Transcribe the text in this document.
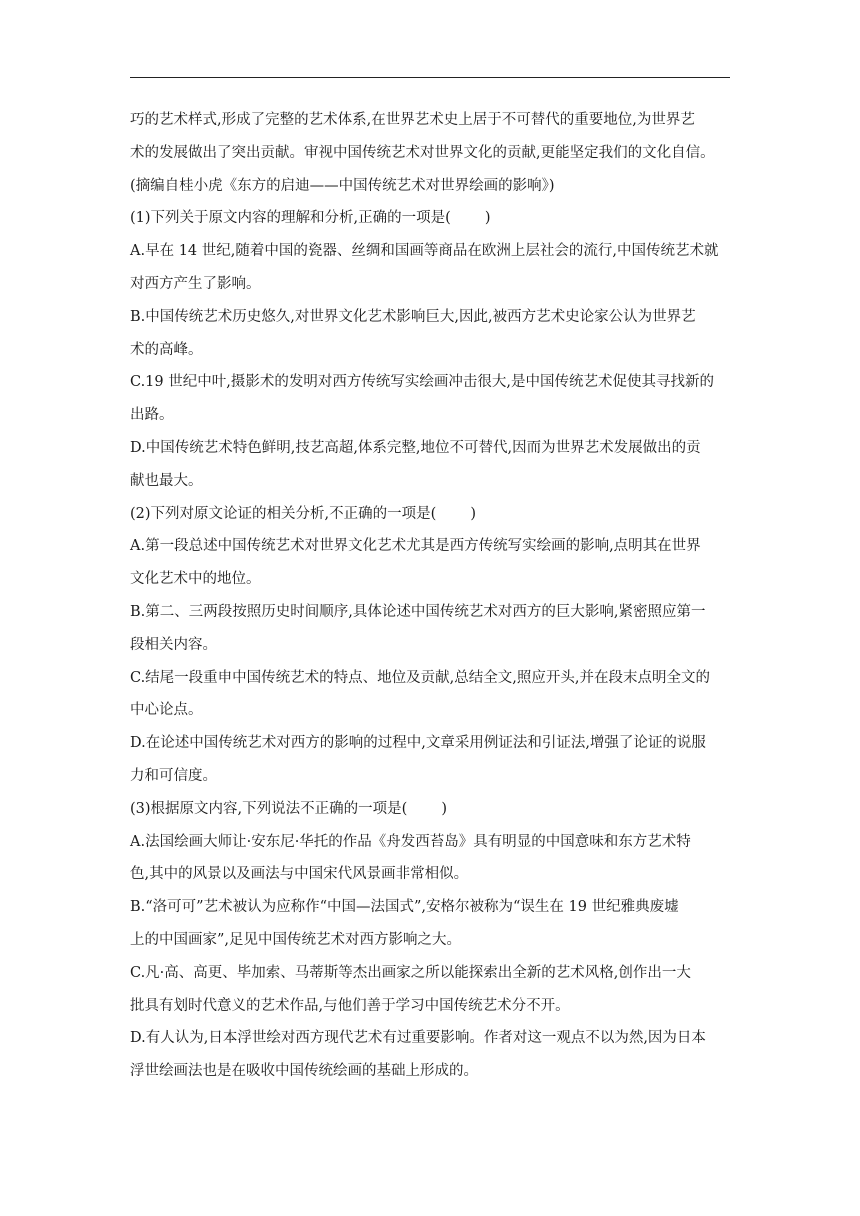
巧的艺术样式,形成了完整的艺术体系,在世界艺术史上居于不可替代的重要地位,为世界艺
术的发展做出了突出贡献。审视中国传统艺术对世界文化的贡献,更能坚定我们的文化自信。
(摘编自桂小虎《东方的启迪——中国传统艺术对世界绘画的影响》)
(1)下列关于原文内容的理解和分析,正确的一项是( )
A.早在 14 世纪,随着中国的瓷器、丝绸和国画等商品在欧洲上层社会的流行,中国传统艺术就
对西方产生了影响。
B.中国传统艺术历史悠久,对世界文化艺术影响巨大,因此,被西方艺术史论家公认为世界艺
术的高峰。
C.19 世纪中叶,摄影术的发明对西方传统写实绘画冲击很大,是中国传统艺术促使其寻找新的
出路。
D.中国传统艺术特色鲜明,技艺高超,体系完整,地位不可替代,因而为世界艺术发展做出的贡
献也最大。
(2)下列对原文论证的相关分析,不正确的一项是( )
A.第一段总述中国传统艺术对世界文化艺术尤其是西方传统写实绘画的影响,点明其在世界
文化艺术中的地位。
B.第二、三两段按照历史时间顺序,具体论述中国传统艺术对西方的巨大影响,紧密照应第一
段相关内容。
C.结尾一段重申中国传统艺术的特点、地位及贡献,总结全文,照应开头,并在段末点明全文的
中心论点。
D.在论述中国传统艺术对西方的影响的过程中,文章采用例证法和引证法,增强了论证的说服
力和可信度。
(3)根据原文内容,下列说法不正确的一项是( )
A.法国绘画大师让·安东尼·华托的作品《舟发西苔岛》具有明显的中国意味和东方艺术特
色,其中的风景以及画法与中国宋代风景画非常相似。
B.“洛可可”艺术被认为应称作“中国—法国式”,安格尔被称为“误生在 19 世纪雅典废墟
上的中国画家”,足见中国传统艺术对西方影响之大。
C.凡·高、高更、毕加索、马蒂斯等杰出画家之所以能探索出全新的艺术风格,创作出一大
批具有划时代意义的艺术作品,与他们善于学习中国传统艺术分不开。
D.有人认为,日本浮世绘对西方现代艺术有过重要影响。作者对这一观点不以为然,因为日本
浮世绘画法也是在吸收中国传统绘画的基础上形成的。
